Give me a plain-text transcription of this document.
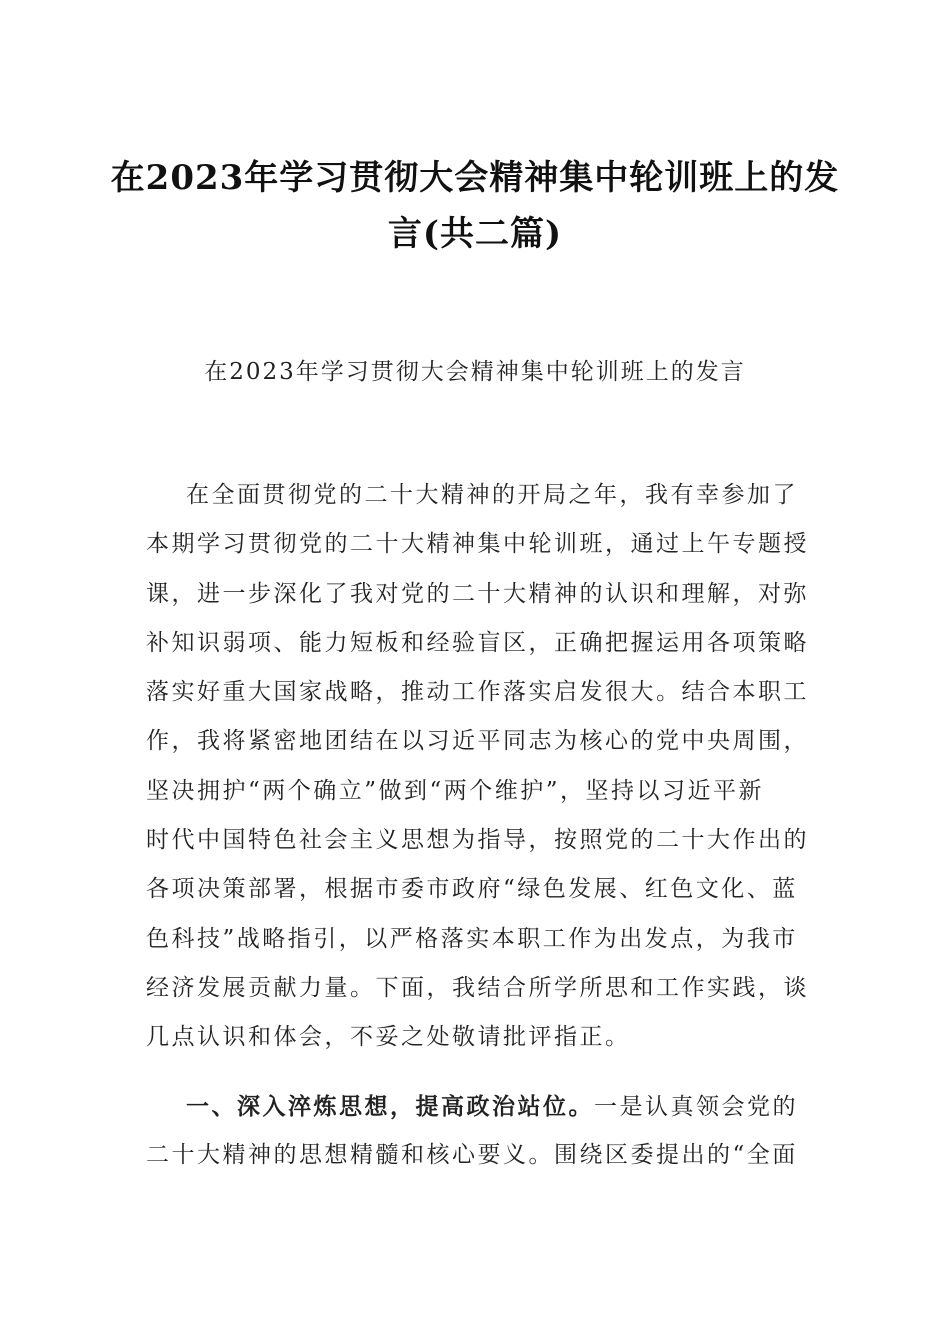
在2023年学习贯彻大会精神集中轮训班上的发
言(共二篇)
在2023年学习贯彻大会精神集中轮训班上的发言
在全面贯彻党的二十大精神的开局之年，我有幸参加了
本期学习贯彻党的二十大精神集中轮训班，通过上午专题授
课，进一步深化了我对党的二十大精神的认识和理解，对弥
补知识弱项、能力短板和经验盲区，正确把握运用各项策略
落实好重大国家战略，推动工作落实启发很大。结合本职工
作，我将紧密地团结在以习近平同志为核心的党中央周围，
坚决拥护“两个确立”做到“两个维护”，坚持以习近平新
时代中国特色社会主义思想为指导，按照党的二十大作出的
各项决策部署，根据市委市政府“绿色发展、红色文化、蓝
色科技”战略指引，以严格落实本职工作为出发点，为我市
经济发展贡献力量。下面，我结合所学所思和工作实践，谈
几点认识和体会，不妥之处敬请批评指正。
一、深入淬炼思想，提高政治站位。一是认真领会党的
二十大精神的思想精髓和核心要义。围绕区委提出的“全面
